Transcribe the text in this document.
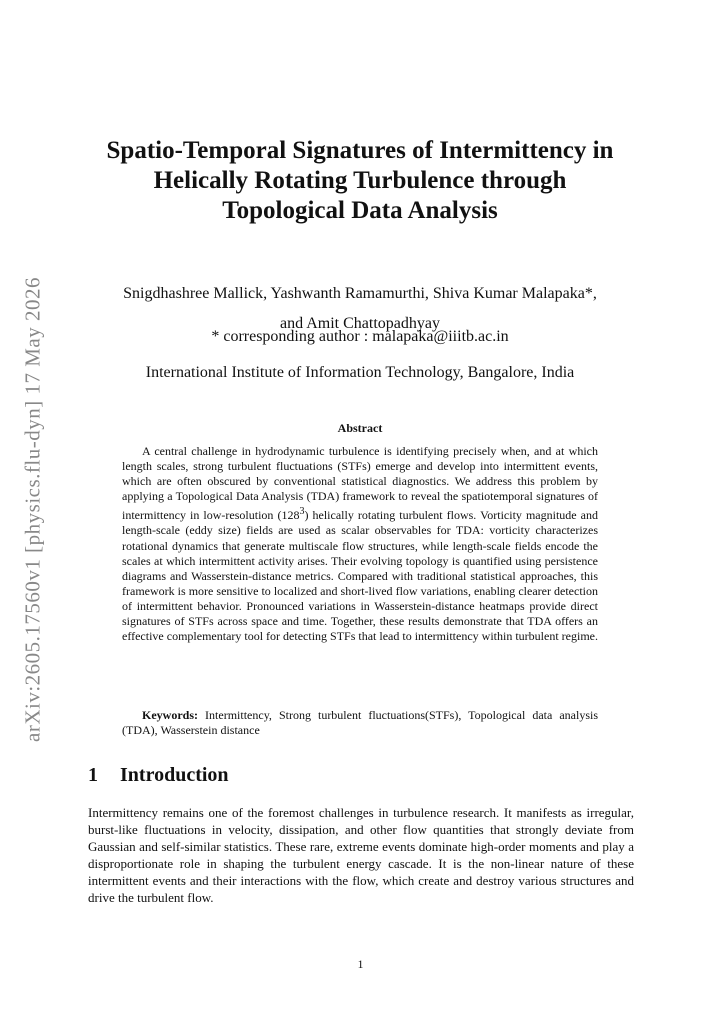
arXiv:2605.17560v1 [physics.flu-dyn] 17 May 2026
Spatio-Temporal Signatures of Intermittency in Helically Rotating Turbulence through Topological Data Analysis
Snigdhashree Mallick, Yashwanth Ramamurthi, Shiva Kumar Malapaka*,
and Amit Chattopadhyay
* corresponding author : malapaka@iiitb.ac.in
International Institute of Information Technology, Bangalore, India
Abstract
A central challenge in hydrodynamic turbulence is identifying precisely when, and at which length scales, strong turbulent fluctuations (STFs) emerge and develop into intermittent events, which are often obscured by conventional statistical diagnostics. We address this problem by applying a Topological Data Analysis (TDA) framework to reveal the spatiotemporal signatures of intermittency in low-resolution $(128^3)$ helically rotating turbulent flows. Vorticity magnitude and length-scale (eddy size) fields are used as scalar observables for TDA: vorticity characterizes rotational dynamics that generate multiscale flow structures, while length-scale fields encode the scales at which intermittent activity arises. Their evolving topology is quantified using persistence diagrams and Wasserstein-distance metrics. Compared with traditional statistical approaches, this framework is more sensitive to localized and short-lived flow variations, enabling clearer detection of intermittent behavior. Pronounced variations in Wasserstein-distance heatmaps provide direct signatures of STFs across space and time. Together, these results demonstrate that TDA offers an effective complementary tool for detecting STFs that lead to intermittency within turbulent regime.
Keywords: Intermittency, Strong turbulent fluctuations(STFs), Topological data analysis (TDA), Wasserstein distance
1 Introduction
Intermittency remains one of the foremost challenges in turbulence research. It manifests as irregular, burst-like fluctuations in velocity, dissipation, and other flow quantities that strongly deviate from Gaussian and self-similar statistics. These rare, extreme events dominate high-order moments and play a disproportionate role in shaping the turbulent energy cascade. It is the non-linear nature of these intermittent events and their interactions with the flow, which create and destroy various structures and drive the turbulent flow.
1
